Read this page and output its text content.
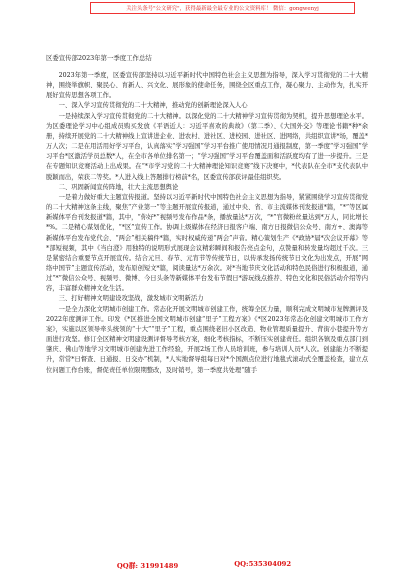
关注头条号"公文研究"，获得最新最全最专业的公文资料库！ 微信：gongwenyj
区委宣传部2023年第一季度工作总结

2023年第一季度，区委宣传部坚持以习近平新时代中国特色社会主义思想为指导，深入学习贯彻党的二十大精神，围绕举旗帜、聚民心、育新人、兴文化、展形象的使命任务，围绕全区重点工作，凝心聚力、主动作为，扎实开展好宣传思想各项工作。

一、深入学习宣传贯彻党的二十大精神，推动党的创新理论深入人心

一是持续深入学习宣传贯彻党的二十大精神。以深化党的二十大精神学习宣传贯彻为契机，提升思想理论水平。为区委理论学习中心组成员购买发放《平语近人：习近平喜欢的典故》（第二季）、《大国外交》等理论书籍*种*余册，持续开展党的二十大精神线上宣讲进企业、进农村、进社区、进校园、进社区、进网络，共组织宣讲*场，覆盖*万人次；二是在用活用好学习平台，认真落实“学习强国”学习平台推广使用情况月通报制度，第一季度“学习强国”学习平台*区激活学员总数*人，在全市各单位排名第一；“学习强国”学习平台覆盖面和活跃度均有了进一步提升。三是在专题知识竞赛活动上出成果。在“*市学习党的二十大精神理论知识竞赛”线下决赛中，*代表队在全市*支代表队中脱颖而出，荣获二等奖。*人进入线上答题排行榜前*名，区委宣传部获评最佳组织奖。

二、巩固新闻宣传阵地，壮大主流思想舆论

一是着力做好重大主题宣传报道。坚持以习近平新时代中国特色社会主义思想为指导，紧紧围绕学习宣传贯彻党的二十大精神这条主线，聚焦“产业第一”等主题开展宣传报道，通过中央、省、市主流媒体刊发报道*篇，“*”等区属新媒体平台刊发报道*篇，其中，“你好*”视频号发布作品*条，播放量达*万次，“*”官微粉丝量达到*万人，同比增长*%。二是精心谋划优化，“*区”宣传工作。协调上级媒体在经济日报客户端、南方日报微信公众号、南方+、澳海等新媒体平台发布党代会、“两会”相关稿件*篇，实时权威传递“两会”声音。精心策划生产《*政协*届*次会议开幕》等*部短视频，其中《当白澄》用独特的说明形式展现会议精彩瞬间和报告亮点金句，点赞量和转发量均超过千次。三是紧密结合重要节点开展宣传。结合元旦、春节、元宵节等传统节日，以传承发扬传统节日文化为出发点，开展“网络中国节”主题宣传活动，发布原创短文*篇，阅读量达*万余次。对*当地节庆文化活动和特色民俗进行积极报道，通过“*”微信公众号、视频号、微博、今日头条等新媒体平台发布节假日*游玩线点推荐、特色文化和民俗活动介绍等内容，丰富群众精神文化生活。

三、打好精神文明建设攻坚战，激发城市文明新活力

一是全力深化文明城市创建工作。常态化开展文明城市创建工作，统筹全区力量，顺利完成文明城市复牌测评及2022年度测评工作。印发《*区推进全国文明城市创建“里子”工程方案》《*区2023年常态化创建文明城市工作方案》，实施以区领导牵头统领的“十大”“里子”工程，重点围绕老旧小区改造、物业管理质量提升、背街小巷提升等方面进行攻坚。修订全区精神文明建设测评督导考核方案，细化考核指标，不断压实创建责任。组织各镇及重点部门到肇庆、佛山等地学习文明城市创建先进工作经验，开展2场工作人员培训班，参与培训人员*人次。创建能力不断提升，常常*日督查、日通报、日交办”机制，*人实地督导组每日对*个国测点位进行地毯式滚动式全覆盖检查，建立点位问题工作台账，督促责任单位限期整改，及时销号，第一季度共处理“随手

QQ群: 31991489	QQ:535304092
